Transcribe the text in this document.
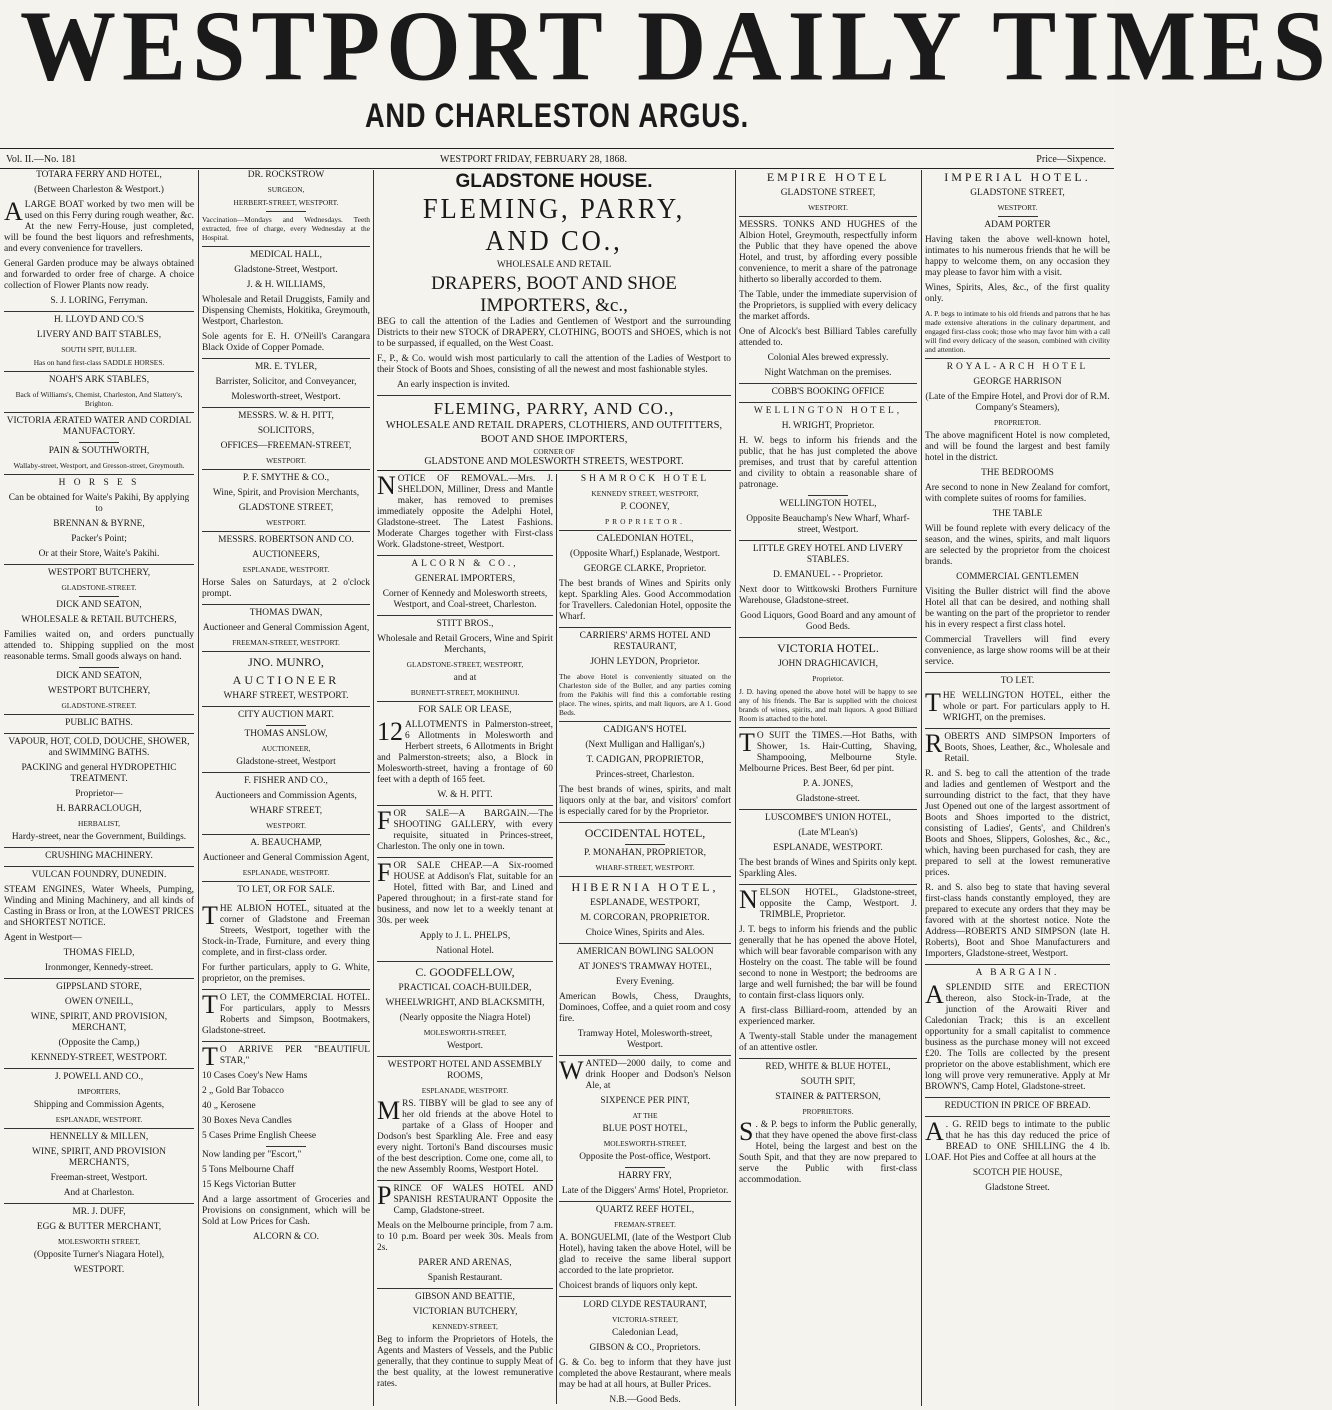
WESTPORT DAILY TIMES
AND CHARLESTON ARGUS.
Vol. II.—No. 181	WESTPORT FRIDAY, FEBRUARY 28, 1868.	Price—Sixpence.
TOTARA FERRY AND HOTEL,
(Between Charleston & Westport.)
ALARGE BOAT worked by two men will be used on this Ferry during rough weather, &c. At the new Ferry-House, just completed, will be found the best liquors and refreshments, and every convenience for travellers.
General Garden produce may be always obtained and forwarded to order free of charge. A choice collection of Flower Plants now ready.
S. J. LORING, Ferryman.
H. LLOYD AND CO.'S
LIVERY AND BAIT STABLES,
SOUTH SPIT, BULLER.
Has on hand first-class SADDLE HORSES.
NOAH'S ARK STABLES,
Back of Williams's, Chemist, Charleston, And Slattery's, Brighton.
VICTORIA ÆRATED WATER AND CORDIAL MANUFACTORY.
PAIN & SOUTHWORTH,
Wallaby-street, Westport, and Gresson-street, Greymouth.
H O R S E S
Can be obtained for Waite's Pakihi, By applying to
BRENNAN & BYRNE,
Packer's Point;
Or at their Store, Waite's Pakihi.
WESTPORT BUTCHERY,
GLADSTONE-STREET.
DICK AND SEATON,
WHOLESALE & RETAIL BUTCHERS,
Families waited on, and orders punctually attended to. Shipping supplied on the most reasonable terms. Small goods always on hand.
DICK AND SEATON,
WESTPORT BUTCHERY,
GLADSTONE-STREET.
PUBLIC BATHS.
VAPOUR, HOT, COLD, DOUCHE, SHOWER, and SWIMMING BATHS.
PACKING and general HYDROPETHIC TREATMENT.
Proprietor—
H. BARRACLOUGH,
HERBALIST,
Hardy-street, near the Government, Buildings.
CRUSHING MACHINERY.
VULCAN FOUNDRY, DUNEDIN.
STEAM ENGINES, Water Wheels, Pumping, Winding and Mining Machinery, and all kinds of Casting in Brass or Iron, at the LOWEST PRICES and SHORTEST NOTICE.
Agent in Westport—
THOMAS FIELD,
Ironmonger, Kennedy-street.
GIPPSLAND STORE,
OWEN O'NEILL,
WINE, SPIRIT, AND PROVISION, MERCHANT,
(Opposite the Camp,)
KENNEDY-STREET, WESTPORT.
J. POWELL AND CO.,
IMPORTERS,
Shipping and Commission Agents,
ESPLANADE, WESTPORT.
HENNELLY & MILLEN,
WINE, SPIRIT, AND PROVISION MERCHANTS,
Freeman-street, Westport.
And at Charleston.
MR. J. DUFF,
EGG & BUTTER MERCHANT,
MOLESWORTH STREET,
(Opposite Turner's Niagara Hotel),
WESTPORT.
DR. ROCKSTROW
SURGEON,
HERBERT-STREET, WESTPORT.
Vaccination—Mondays and Wednesdays. Teeth extracted, free of charge, every Wednesday at the Hospital.
MEDICAL HALL,
Gladstone-Street, Westport.
J. & H. WILLIAMS,
Wholesale and Retail Druggists, Family and Dispensing Chemists, Hokitika, Greymouth, Westport, Charleston.
Sole agents for E. H. O'Neill's Carangara Black Oxide of Copper Pomade.
MR. E. TYLER,
Barrister, Solicitor, and Conveyancer,
Molesworth-street, Westport.
MESSRS. W. & H. PITT,
SOLICITORS,
OFFICES—FREEMAN-STREET,
WESTPORT.
P. F. SMYTHE & CO.,
Wine, Spirit, and Provision Merchants,
GLADSTONE STREET,
WESTPORT.
MESSRS. ROBERTSON AND CO.
AUCTIONEERS,
ESPLANADE, WESTPORT.
Horse Sales on Saturdays, at 2 o'clock prompt.
THOMAS DWAN,
Auctioneer and General Commission Agent,
FREEMAN-STREET, WESTPORT.
JNO. MUNRO,
AUCTIONEER
WHARF STREET, WESTPORT.
CITY AUCTION MART.
THOMAS ANSLOW,
AUCTIONEER,
Gladstone-street, Westport
F. FISHER AND CO.,
Auctioneers and Commission Agents,
WHARF STREET,
WESTPORT.
A. BEAUCHAMP,
Auctioneer and General Commission Agent,
ESPLANADE, WESTPORT.
TO LET, OR FOR SALE.
THE ALBION HOTEL, situated at the corner of Gladstone and Freeman Streets, Westport, together with the Stock-in-Trade, Furniture, and every thing complete, and in first-class order.
For further particulars, apply to G. White, proprietor, on the premises.
T O LET, the COMMERCIAL HOTEL. For particulars, apply to Messrs Roberts and Simpson, Bootmakers, Gladstone-street.
T O ARRIVE PER "BEAUTIFUL STAR,"
10 Cases Coey's New Hams
2 „ Gold Bar Tobacco
40 „ Kerosene
30 Boxes Neva Candles
5 Cases Prime English Cheese
Now landing per "Escort,"
5 Tons Melbourne Chaff
15 Kegs Victorian Butter
And a large assortment of Groceries and Provisions on consignment, which will be Sold at Low Prices for Cash.
ALCORN & CO.
GLADSTONE HOUSE.
FLEMING, PARRY, AND CO.,
WHOLESALE AND RETAIL
DRAPERS, BOOT AND SHOE IMPORTERS, &c.,
BEG to call the attention of the Ladies and Gentlemen of Westport and the surrounding Districts to their new STOCK of DRAPERY, CLOTHING, BOOTS and SHOES, which is not to be surpassed, if equalled, on the West Coast.
F., P., & Co. would wish most particularly to call the attention of the Ladies of Westport to their Stock of Boots and Shoes, consisting of all the newest and most fashionable styles.
An early inspection is invited.
FLEMING, PARRY, AND CO.,
WHOLESALE AND RETAIL DRAPERS, CLOTHIERS, AND OUTFITTERS, BOOT AND SHOE IMPORTERS,
CORNER OF
GLADSTONE AND MOLESWORTH STREETS, WESTPORT.
NOTICE OF REMOVAL.—Mrs. J. SHELDON, Milliner, Dress and Mantle maker, has removed to premises immediately opposite the Adelphi Hotel, Gladstone-street. The Latest Fashions. Moderate Charges together with First-class Work. Gladstone-street, Westport.
ALCORN & CO.,
GENERAL IMPORTERS,
Corner of Kennedy and Molesworth streets, Westport, and Coal-street, Charleston.
STITT BROS.,
Wholesale and Retail Grocers, Wine and Spirit Merchants,
GLADSTONE-STREET, WESTPORT,
and at
BURNETT-STREET, MOKIHINUI.
FOR SALE OR LEASE,
12 ALLOTMENTS in Palmerston-street, 6 Allotments in Molesworth and Herbert streets, 6 Allotments in Bright and Palmerston-streets; also, a Block in Molesworth-street, having a frontage of 60 feet with a depth of 165 feet.
W. & H. PITT.
FOR SALE—A BARGAIN.—The SHOOTING GALLERY, with every requisite, situated in Princes-street, Charleston. The only one in town.
FOR SALE CHEAP.—A Six-roomed HOUSE at Addison's Flat, suitable for an Hotel, fitted with Bar, and Lined and Papered throughout; in a first-rate stand for business, and now let to a weekly tenant at 30s. per week
Apply to J. L. PHELPS,
National Hotel.
C. GOODFELLOW,
PRACTICAL COACH-BUILDER,
WHEELWRIGHT, AND BLACKSMITH,
(Nearly opposite the Niagra Hotel)
MOLESWORTH-STREET,
Westport.
WESTPORT HOTEL AND ASSEMBLY ROOMS,
ESPLANADE, WESTPORT.
MRS. TIBBY will be glad to see any of her old friends at the above Hotel to partake of a Glass of Hooper and Dodson's best Sparkling Ale. Free and easy every night. Tortoni's Band discourses music of the best description. Come one, come all, to the new Assembly Rooms, Westport Hotel.
PRINCE OF WALES HOTEL AND SPANISH RESTAURANT Opposite the Camp, Gladstone-street.
Meals on the Melbourne principle, from 7 a.m. to 10 p.m. Board per week 30s. Meals from 2s.
PARER AND ARENAS,
Spanish Restaurant.
GIBSON AND BEATTIE,
VICTORIAN BUTCHERY,
KENNEDY-STREET,
Beg to inform the Proprietors of Hotels, the Agents and Masters of Vessels, and the Public generally, that they continue to supply Meat of the best quality, at the lowest remunerative rates.
SHAMROCK HOTEL
KENNEDY STREET, WESTPORT,
P. COONEY,
PROPRIETOR.
CALEDONIAN HOTEL,
(Opposite Wharf,) Esplanade, Westport.
GEORGE CLARKE, Proprietor.
The best brands of Wines and Spirits only kept. Sparkling Ales. Good Accommodation for Travellers. Caledonian Hotel, opposite the Wharf.
CARRIERS' ARMS HOTEL AND RESTAURANT,
JOHN LEYDON, Proprietor.
The above Hotel is conveniently situated on the Charleston side of the Buller, and any parties coming from the Pakihis will find this a comfortable resting place. The wines, spirits, and malt liquors, are A 1. Good Beds.
CADIGAN'S HOTEL
(Next Mulligan and Halligan's,)
T. CADIGAN, PROPRIETOR,
Princes-street, Charleston.
The best brands of wines, spirits, and malt liquors only at the bar, and visitors' comfort is especially cared for by the Proprietor.
OCCIDENTAL HOTEL,
P. MONAHAN, PROPRIETOR,
WHARF-STREET, WESTPORT.
HIBERNIA HOTEL,
ESPLANADE, WESTPORT,
M. CORCORAN, PROPRIETOR.
Choice Wines, Spirits and Ales.
AMERICAN BOWLING SALOON
AT JONES'S TRAMWAY HOTEL,
Every Evening.
American Bowls, Chess, Draughts, Dominoes, Coffee, and a quiet room and cosy fire.
Tramway Hotel, Molesworth-street, Westport.
WANTED—2000 daily, to come and drink Hooper and Dodson's Nelson Ale, at
SIXPENCE PER PINT,
AT THE
BLUE POST HOTEL,
MOLESWORTH-STREET,
Opposite the Post-office, Westport.
HARRY FRY,
Late of the Diggers' Arms' Hotel, Proprietor.
QUARTZ REEF HOTEL,
FREMAN-STREET.
A. BONGUELMI, (late of the Westport Club Hotel), having taken the above Hotel, will be glad to receive the same liberal support accorded to the late proprietor.
Choicest brands of liquors only kept.
LORD CLYDE RESTAURANT,
VICTORIA-STREET,
Caledonian Lead,
GIBSON & CO., Proprietors.
G. & Co. beg to inform that they have just completed the above Restaurant, where meals may be had at all hours, at Buller Prices.
N.B.—Good Beds.
EMPIRE HOTEL
GLADSTONE STREET,
WESTPORT.
MESSRS. TONKS AND HUGHES of the Albion Hotel, Greymouth, respectfully inform the Public that they have opened the above Hotel, and trust, by affording every possible convenience, to merit a share of the patronage hitherto so liberally accorded to them.
The Table, under the immediate supervision of the Proprietors, is supplied with every delicacy the market affords.
One of Alcock's best Billiard Tables carefully attended to.
Colonial Ales brewed expressly.
Night Watchman on the premises.
COBB'S BOOKING OFFICE
WELLINGTON HOTEL,
H. WRIGHT, Proprietor.
H. W. begs to inform his friends and the public, that he has just completed the above premises, and trust that by careful attention and civility to obtain a reasonable share of patronage.
WELLINGTON HOTEL,
Opposite Beauchamp's New Wharf, Wharf-street, Westport.
LITTLE GREY HOTEL AND LIVERY STABLES.
D. EMANUEL - - Proprietor.
Next door to Wittkowski Brothers Furniture Warehouse, Gladstone-street.
Good Liquors, Good Board and any amount of Good Beds.
VICTORIA HOTEL.
JOHN DRAGHICAVICH,
Proprietor.
J. D. having opened the above hotel will be happy to see any of his friends. The Bar is supplied with the choicest brands of wines, spirits, and malt liquors. A good Billiard Room is attached to the hotel.
T O SUIT the TIMES.—Hot Baths, with Shower, 1s. Hair-Cutting, Shaving, Shampooing, Melbourne Style. Melbourne Prices. Best Beer, 6d per pint.
P. A. JONES,
Gladstone-street.
LUSCOMBE'S UNION HOTEL,
(Late M'Lean's)
ESPLANADE, WESTPORT.
The best brands of Wines and Spirits only kept. Sparkling Ales.
NELSON HOTEL, Gladstone-street, opposite the Camp, Westport. J. TRIMBLE, Proprietor.
J. T. begs to inform his friends and the public generally that he has opened the above Hotel, which will bear favorable comparison with any Hostelry on the coast. The table will be found second to none in Westport; the bedrooms are large and well furnished; the bar will be found to contain first-class liquors only.
A first-class Billiard-room, attended by an experienced marker.
A Twenty-stall Stable under the management of an attentive ostler.
RED, WHITE & BLUE HOTEL,
SOUTH SPIT,
STAINER & PATTERSON,
PROPRIETORS.
S . & P. begs to inform the Public generally, that they have opened the above first-class Hotel, being the largest and best on the South Spit, and that they are now prepared to serve the Public with first-class accommodation.
IMPERIAL HOTEL.
GLADSTONE STREET,
WESTPORT.
ADAM PORTER
Having taken the above well-known hotel, intimates to his numerous friends that he will be happy to welcome them, on any occasion they may please to favor him with a visit.
Wines, Spirits, Ales, &c., of the first quality only.
A. P. begs to intimate to his old friends and patrons that he has made extensive alterations in the culinary department, and engaged first-class cook; those who may favor him with a call will find every delicacy of the season, combined with civility and attention.
ROYAL-ARCH HOTEL
GEORGE HARRISON
(Late of the Empire Hotel, and Provi dor of R.M. Company's Steamers),
PROPRIETOR.
The above magnificent Hotel is now completed, and will be found the largest and best family hotel in the district.
THE BEDROOMS
Are second to none in New Zealand for comfort, with complete suites of rooms for families.
THE TABLE
Will be found replete with every delicacy of the season, and the wines, spirits, and malt liquors are selected by the proprietor from the choicest brands.
COMMERCIAL GENTLEMEN
Visiting the Buller district will find the above Hotel all that can be desired, and nothing shall be wanting on the part of the proprietor to render his in every respect a first class hotel.
Commercial Travellers will find every convenience, as large show rooms will be at their service.
TO LET.
THE WELLINGTON HOTEL, either the whole or part. For particulars apply to H. WRIGHT, on the premises.
ROBERTS AND SIMPSON Importers of Boots, Shoes, Leather, &c., Wholesale and Retail.
R. and S. beg to call the attention of the trade and ladies and gentlemen of Westport and the surrounding district to the fact, that they have Just Opened out one of the largest assortment of Boots and Shoes imported to the district, consisting of Ladies', Gents', and Children's Boots and Shoes, Slippers, Goloshes, &c., &c., which, having been purchased for cash, they are prepared to sell at the lowest remunerative prices.
R. and S. also beg to state that having several first-class hands constantly employed, they are prepared to execute any orders that they may be favored with at the shortest notice. Note the Address—ROBERTS AND SIMPSON (late H. Roberts), Boot and Shoe Manufacturers and Importers, Gladstone-street, Westport.
A BARGAIN.
ASPLENDID SITE and ERECTION thereon, also Stock-in-Trade, at the junction of the Arowaiti River and Caledonian Track; this is an excellent opportunity for a small capitalist to commence business as the purchase money will not exceed £20. The Tolls are collected by the present proprietor on the above establishment, which ere long will prove very remunerative. Apply at Mr BROWN'S, Camp Hotel, Gladstone-street.
REDUCTION IN PRICE OF BREAD.
A . G. REID begs to intimate to the public that he has this day reduced the price of BREAD to ONE SHILLING the 4 lb. LOAF. Hot Pies and Coffee at all hours at the
SCOTCH PIE HOUSE,
Gladstone Street.
